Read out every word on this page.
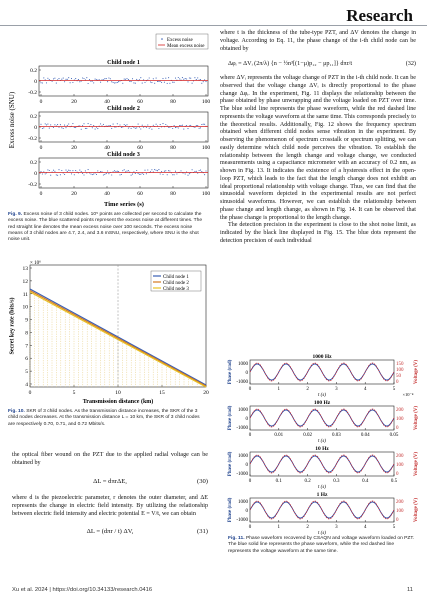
Research
Excess noise (SNU)
Child node 1
0.2
0
-0.2
0	20	40	60	80	100
Child node 2
0.2
0
-0.2
0	20	40	60	80	100
Child node 3
0.2
0
-0.2
0	20	40	60	80	100
Excess noise
Mean excess noise
Time series (s)
Fig. 9. Excess noise of 3 child nodes. 10⁵ points are collected per second to calculate the excess noise. The blue scattered points represent the excess noise at different times. The red straight line denotes the mean excess noise over 100 seconds. The excess noise means of 3 child nodes are 4.7, 2.4, and 3.6 mSNU, respectively, where SNU is the shot noise unit.
× 10⁶
Secret key rate (bits/s)
Transmission distance (km)
13
12
11
10
9
8
7
6
5
4
0	5	10	15	20
Child node 1
Child node 2
Child node 3
Fig. 10. SKR of 3 child nodes. As the transmission distance increases, the SKR of the 3 child nodes decreases. At the transmission distance L = 10 km, the SKR of 3 child nodes are respectively 0.70, 0.71, and 0.72 Mbits/s.
the optical fiber wound on the PZT due to the applied radial voltage can be obtained by
ΔL = dπrΔE,	(30)
where d is the piezoelectric parameter, r denotes the outer diameter, and ΔE represents the change in electric field intensity. By utilizing the relationship between electric field intensity and electric potential E = V/t, we can obtain
ΔL = (dπr / t) ΔV,	(31)
where t is the thickness of the tube-type PZT, and ΔV denotes the change in voltage. According to Eq. 11, the phase change of the i-th child node can be obtained by
Δφᵢ = ΔVᵢ (2π/λ) {n − ½n³[(1−μ)p₁₂ − μp₁₁]} dπr/t	(32)
where ΔVᵢ represents the voltage change of PZT in the i-th child node. It can be observed that the voltage change ΔVᵢ is directly proportional to the phase change Δφᵢ. In the experiment, Fig. 11 displays the relationship between the phase obtained by phase unwrapping and the voltage loaded on PZT over time. The blue solid line represents the phase waveform, while the red dashed line represents the voltage waveform at the same time. This corresponds precisely to the theoretical results. Additionally, Fig. 12 shows the frequency spectrum obtained when different child nodes sense vibration in the experiment. By observing the phenomenon of spectrum crosstalk or spectrum splitting, we can easily determine which child node perceives the vibration. To establish the relationship between the length change and voltage change, we conducted measurements using a capacitance micrometer with an accuracy of 0.2 nm, as shown in Fig. 13. It indicates the existence of a hysteresis effect in the open-loop PZT, which leads to the fact that the length change does not exhibit an ideal proportional relationship with voltage change. Thus, we can find that the sinusoidal waveform depicted in the experimental results are not perfect sinusoidal waveforms. However, we can establish the relationship between phase change and length change, as shown in Fig. 14. It can be observed that the phase change is proportional to the length change.
The detection precision in the experiment is close to the shot noise limit, as indicated by the black line displayed in Fig. 15. The blue dots represent the detection precision of each individual
1000 Hz
Phase (rad)	Voltage (V)
1000
0
-1000
150
100
50
0
0	1	2	3	4	5
t (s)	×10⁻⁴
100 Hz
Phase (rad)	Voltage (V)
1000
0
-1000
200
100
0
0	0.01	0.02	0.03	0.04	0.05
t (s)
10 Hz
Phase (rad)	Voltage (V)
1000
0
-1000
200
100
0
0	0.1	0.2	0.3	0.4	0.5
t (s)
1 Hz
Phase (rad)	Voltage (V)
1000
0
-1000
200
100
0
0	1	2	3	4	5
t (s)
Fig. 11. Phase waveform recovered by CSAQN and voltage waveform loaded on PZT. The blue solid line represents the phase waveform, while the red dashed line represents the voltage waveform at the same time.
Xu et al. 2024 | https://doi.org/10.34133/research.0416	11
